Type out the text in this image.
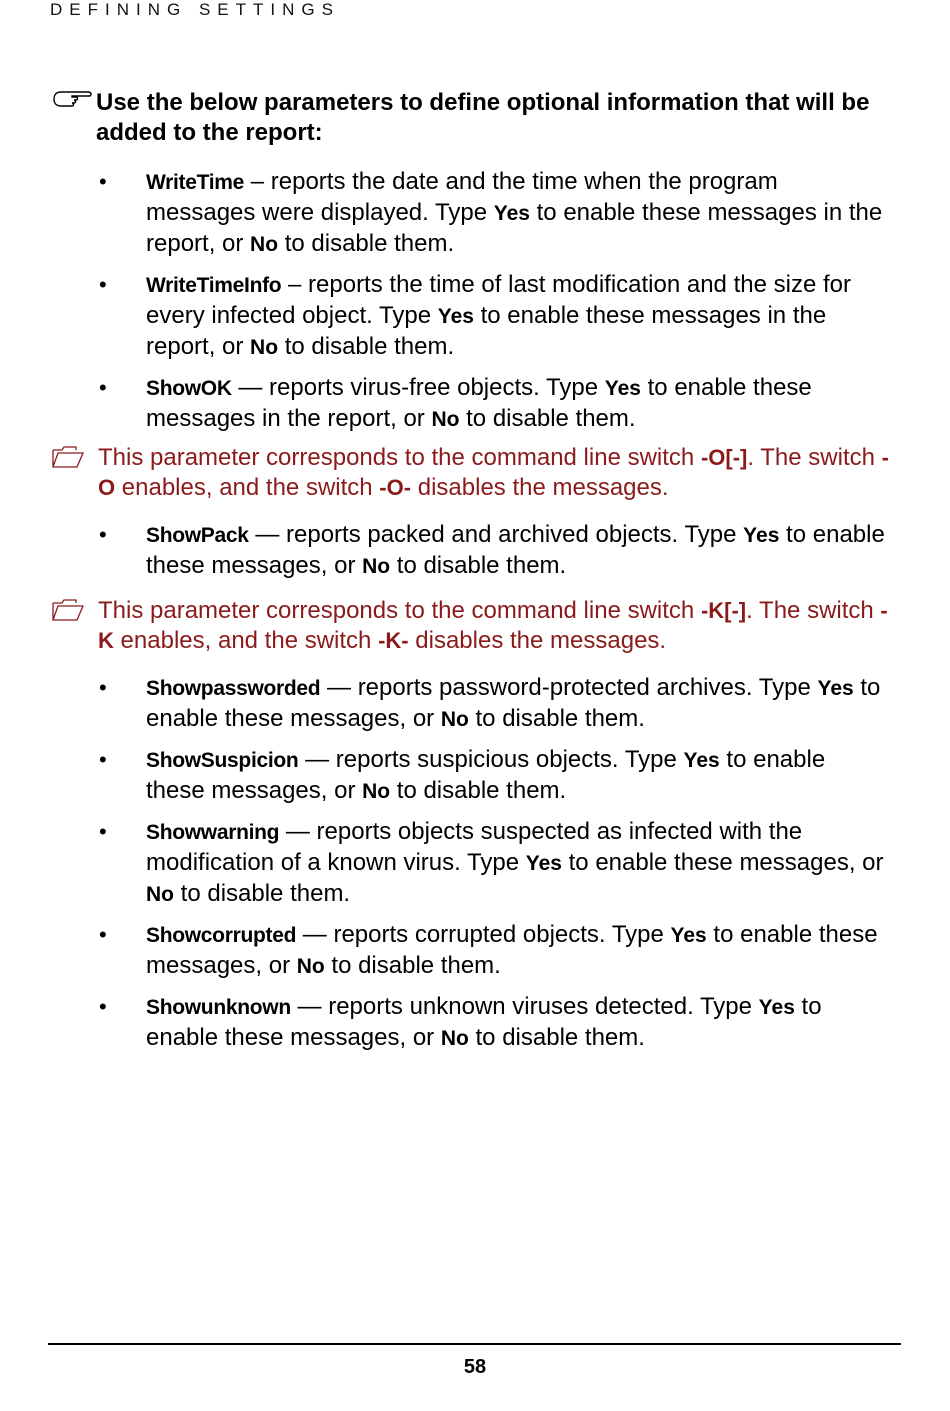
DEFINING SETTINGS
Use the below parameters to define optional information that will be added to the report:
• WriteTime – reports the date and the time when the program messages were displayed. Type Yes to enable these messages in the report, or No to disable them.
• WriteTimeInfo – reports the time of last modification and the size for every infected object. Type Yes to enable these messages in the report, or No to disable them.
• ShowOK — reports virus-free objects. Type Yes to enable these messages in the report, or No to disable them.
This parameter corresponds to the command line switch -O[-]. The switch -O enables, and the switch -O- disables the messages.
• ShowPack — reports packed and archived objects. Type Yes to enable these messages, or No to disable them.
This parameter corresponds to the command line switch -K[-]. The switch -K enables, and the switch -K- disables the messages.
• Showpassworded — reports password-protected archives. Type Yes to enable these messages, or No to disable them.
• ShowSuspicion — reports suspicious objects. Type Yes to enable these messages, or No to disable them.
• Showwarning — reports objects suspected as infected with the modification of a known virus. Type Yes to enable these messages, or No to disable them.
• Showcorrupted — reports corrupted objects. Type Yes to enable these messages, or No to disable them.
• Showunknown — reports unknown viruses detected. Type Yes to enable these messages, or No to disable them.
58
